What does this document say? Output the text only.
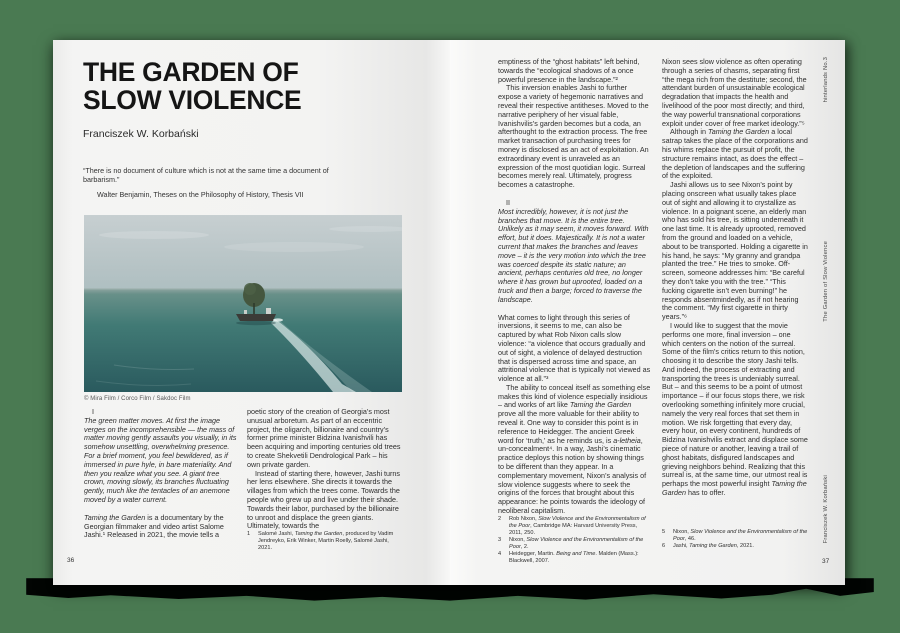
THE GARDEN OF
SLOW VIOLENCE
Franciszek W. Korbański
“There is no document of culture which is not at the same time a document of barbarism.”
Walter Benjamin, Theses on the Philosophy of History, Thesis VII
© Mira Film / Corco Film / Sakdoc Film
I
The green matter moves. At first the image verges on the incomprehensible — the mass of matter moving gently assaults you visually, in its somehow unsettling, overwhelming presence. For a brief moment, you feel bewildered, as if immersed in pure hyle, in bare materiality. And then you realize what you see. A giant tree crown, moving slowly, its branches fluctuating gently, much like the tentacles of an anemone moved by a water current.
Taming the Garden is a documentary by the Georgian filmmaker and video artist Salome Jashi.¹ Released in 2021, the movie tells a
poetic story of the creation of Georgia’s most unusual arboretum. As part of an eccentric project, the oligarch, billionaire and country’s former prime minister Bidzina Ivanishvili has been acquiring and importing centuries old trees to create Shekvetili Dendrological Park – his own private garden.
Instead of starting there, however, Jashi turns her lens elsewhere. She directs it towards the villages from which the trees come. Towards the people who grew up and live under their shade. Towards their labor, purchased by the billionaire to unroot and displace the green giants. Ultimately, towards the
1	Salomé Jashi, Taming the Garden, produced by Vadim Jendreyko, Erik Winker, Martin Roelly, Salomé Jashi, 2021.
36
emptiness of the “ghost habitats” left behind, towards the “ecological shadows of a once powerful presence in the landscape.”²
This inversion enables Jashi to further expose a variety of hegemonic narratives and reveal their respective antitheses. Moved to the narrative periphery of her visual fable, Ivanishvilis’s garden becomes but a coda, an afterthought to the extraction process. The free market transaction of purchasing trees for money is disclosed as an act of exploitation. An extraordinary event is unraveled as an expression of the most quotidian logic. Surreal becomes merely real. Ultimately, progress becomes a catastrophe.
II
Most incredibly, however, it is not just the branches that move. It is the entire tree. Unlikely as it may seem, it moves forward. With effort, but it does. Majestically. It is not a water current that makes the branches and leaves move – it is the very motion into which the tree was coerced despite its static nature; an ancient, perhaps centuries old tree, no longer where it has grown but uprooted, loaded on a truck and then a barge; forced to traverse the landscape.
What comes to light through this series of inversions, it seems to me, can also be captured by what Rob Nixon calls slow violence: “a violence that occurs gradually and out of sight, a violence of delayed destruction that is dispersed across time and space, an attritional violence that is typically not viewed as violence at all.”³
The ability to conceal itself as something else makes this kind of violence especially insidious – and works of art like Taming the Garden prove all the more valuable for their ability to reveal it. One way to consider this point is in reference to Heidegger. The ancient Greek word for ‘truth,’ as he reminds us, is a-letheia, un-concealment⁴. In a way, Jashi’s cinematic practice deploys this notion by showing things to be different than they appear. In a complementary movement, Nixon’s analysis of slow violence suggests where to seek the origins of the forces that brought about this appearance: he points towards the ideology of neoliberal capitalism.
2	Rob Nixon, Slow Violence and the Environmentalism of the Poor, Cambridge MA: Harvard University Press, 2011, 250.
3	Nixon, Slow Violence and the Environmentalism of the Poor, 2.
4	Heidegger, Martin. Being and Time. Malden (Mass.): Blackwell, 2007.
Nixon sees slow violence as often operating through a series of chasms, separating first “the mega rich from the destitute; second, the attendant burden of unsustainable ecological degradation that impacts the health and livelihood of the poor most directly; and third, the way powerful transnational corporations exploit under cover of free market ideology.”⁵
Although in Taming the Garden a local satrap takes the place of the corporations and his whims replace the pursuit of profit, the structure remains intact, as does the effect – the depletion of landscapes and the suffering of the exploited.
Jashi allows us to see Nixon’s point by placing onscreen what usually takes place out of sight and allowing it to crystallize as violence. In a poignant scene, an elderly man who has sold his tree, is sitting underneath it one last time. It is already uprooted, removed from the ground and loaded on a vehicle, about to be transported. Holding a cigarette in his hand, he says: “My granny and grandpa planted the tree.” He tries to smoke. Off-screen, someone addresses him: “Be careful they don’t take you with the tree.” “This fucking cigarette isn’t even burning!” he responds absentmindedly, as if not hearing the comment. “My first cigarette in thirty years.”⁶
I would like to suggest that the movie performs one more, final inversion – one which centers on the notion of the surreal. Some of the film’s critics return to this notion, choosing it to describe the story Jashi tells. And indeed, the process of extracting and transporting the trees is undeniably surreal. But – and this seems to be a point of utmost importance – if our focus stops there, we risk overlooking something infinitely more crucial, namely the very real forces that set them in motion. We risk forgetting that every day, every hour, on every continent, hundreds of Bidzina Ivanishvilis extract and displace some piece of nature or another, leaving a trail of ghost habitats, disfigured landscapes and grieving neighbors behind. Realizing that this surreal is, at the same time, our utmost real is perhaps the most powerful insight Taming the Garden has to offer.
5	Nixon, Slow Violence and the Environmentalism of the Poor, 46.
6	Jashi, Taming the Garden, 2021.
hinterlands No.3
The Garden of Slow Violence
Franciszek W. Korbański
37
